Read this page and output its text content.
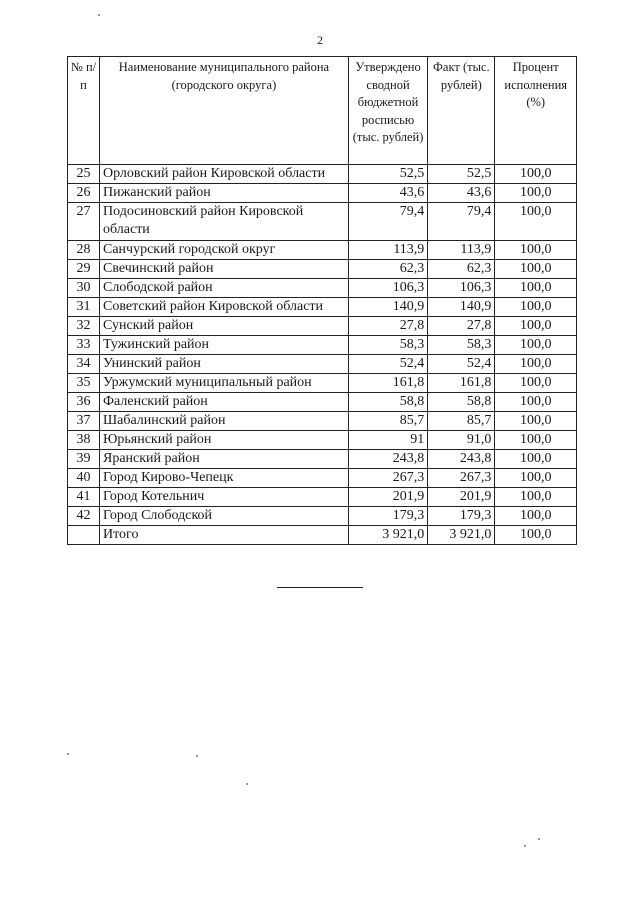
2
№ п/п	Наименование муниципального района (городского округа)	Утверждено сводной бюджетной росписью (тыс. рублей)	Факт (тыс. рублей)	Процент исполнения (%)
25	Орловский район Кировской области	52,5	52,5	100,0
26	Пижанский район	43,6	43,6	100,0
27	Подосиновский район Кировской области	79,4	79,4	100,0
28	Санчурский городской округ	113,9	113,9	100,0
29	Свечинский район	62,3	62,3	100,0
30	Слободской район	106,3	106,3	100,0
31	Советский район Кировской области	140,9	140,9	100,0
32	Сунский район	27,8	27,8	100,0
33	Тужинский район	58,3	58,3	100,0
34	Унинский район	52,4	52,4	100,0
35	Уржумский муниципальный район	161,8	161,8	100,0
36	Фаленский район	58,8	58,8	100,0
37	Шабалинский район	85,7	85,7	100,0
38	Юрьянский район	91	91,0	100,0
39	Яранский район	243,8	243,8	100,0
40	Город Кирово-Чепецк	267,3	267,3	100,0
41	Город Котельнич	201,9	201,9	100,0
42	Город Слободской	179,3	179,3	100,0
	Итого	3 921,0	3 921,0	100,0
